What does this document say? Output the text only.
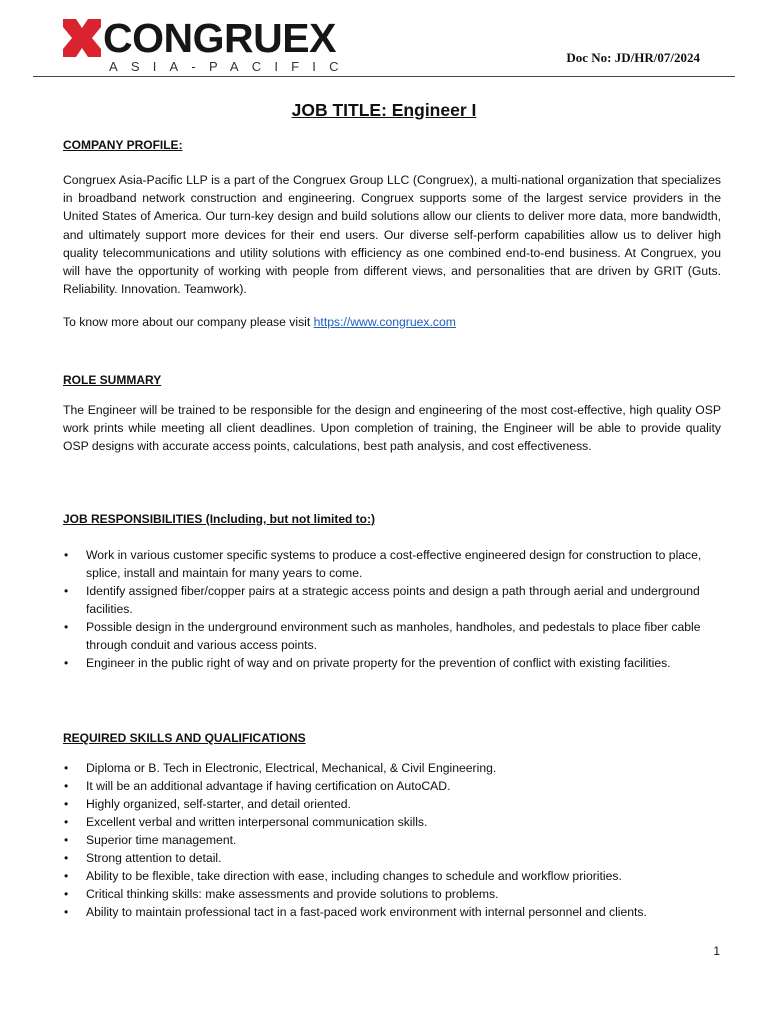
CONGRUEX
ASIA-PACIFIC
Doc No: JD/HR/07/2024
JOB TITLE: Engineer I
COMPANY PROFILE:
Congruex Asia-Pacific LLP is a part of the Congruex Group LLC (Congruex), a multi-national organization that specializes in broadband network construction and engineering. Congruex supports some of the largest service providers in the United States of America. Our turn-key design and build solutions allow our clients to deliver more data, more bandwidth, and ultimately support more devices for their end users. Our diverse self-perform capabilities allow us to deliver high quality telecommunications and utility solutions with efficiency as one combined end-to-end business. At Congruex, you will have the opportunity of working with people from different views, and personalities that are driven by GRIT (Guts. Reliability. Innovation. Teamwork).
To know more about our company please visit https://www.congruex.com
ROLE SUMMARY
The Engineer will be trained to be responsible for the design and engineering of the most cost-effective, high quality OSP work prints while meeting all client deadlines. Upon completion of training, the Engineer will be able to provide quality OSP designs with accurate access points, calculations, best path analysis, and cost effectiveness.
JOB RESPONSIBILITIES (Including, but not limited to:)
• Work in various customer specific systems to produce a cost-effective engineered design for construction to place, splice, install and maintain for many years to come.
• Identify assigned fiber/copper pairs at a strategic access points and design a path through aerial and underground facilities.
• Possible design in the underground environment such as manholes, handholes, and pedestals to place fiber cable through conduit and various access points.
• Engineer in the public right of way and on private property for the prevention of conflict with existing facilities.
REQUIRED SKILLS AND QUALIFICATIONS
• Diploma or B. Tech in Electronic, Electrical, Mechanical, & Civil Engineering.
• It will be an additional advantage if having certification on AutoCAD.
• Highly organized, self-starter, and detail oriented.
• Excellent verbal and written interpersonal communication skills.
• Superior time management.
• Strong attention to detail.
• Ability to be flexible, take direction with ease, including changes to schedule and workflow priorities.
• Critical thinking skills: make assessments and provide solutions to problems.
• Ability to maintain professional tact in a fast-paced work environment with internal personnel and clients.
1
